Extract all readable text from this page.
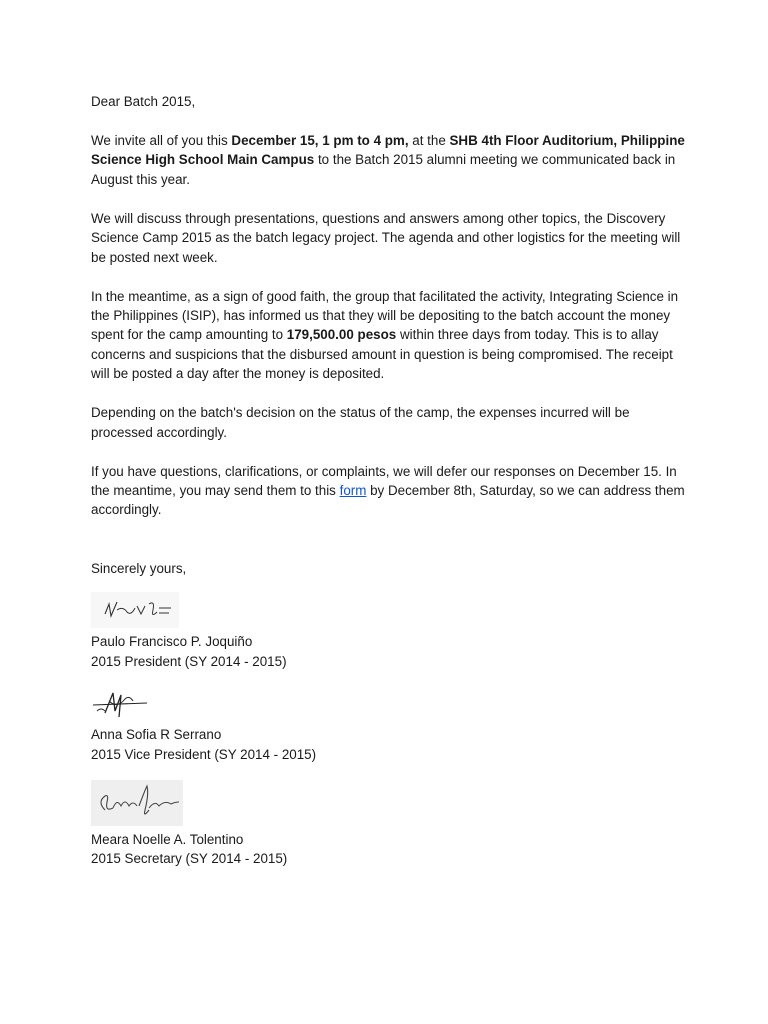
Dear Batch 2015,

We invite all of you this December 15, 1 pm to 4 pm, at the SHB 4th Floor Auditorium, Philippine Science High School Main Campus to the Batch 2015 alumni meeting we communicated back in August this year.

We will discuss through presentations, questions and answers among other topics, the Discovery Science Camp 2015 as the batch legacy project. The agenda and other logistics for the meeting will be posted next week.

In the meantime, as a sign of good faith, the group that facilitated the activity, Integrating Science in the Philippines (ISIP), has informed us that they will be depositing to the batch account the money spent for the camp amounting to 179,500.00 pesos within three days from today. This is to allay concerns and suspicions that the disbursed amount in question is being compromised. The receipt will be posted a day after the money is deposited.

Depending on the batch's decision on the status of the camp, the expenses incurred will be processed accordingly.

If you have questions, clarifications, or complaints, we will defer our responses on December 15. In the meantime, you may send them to this form by December 8th, Saturday, so we can address them accordingly.

Sincerely yours,

Paulo Francisco P. Joquiño
2015 President (SY 2014 - 2015)
Anna Sofia R Serrano
2015 Vice President (SY 2014 - 2015)
Meara Noelle A. Tolentino
2015 Secretary (SY 2014 - 2015)
